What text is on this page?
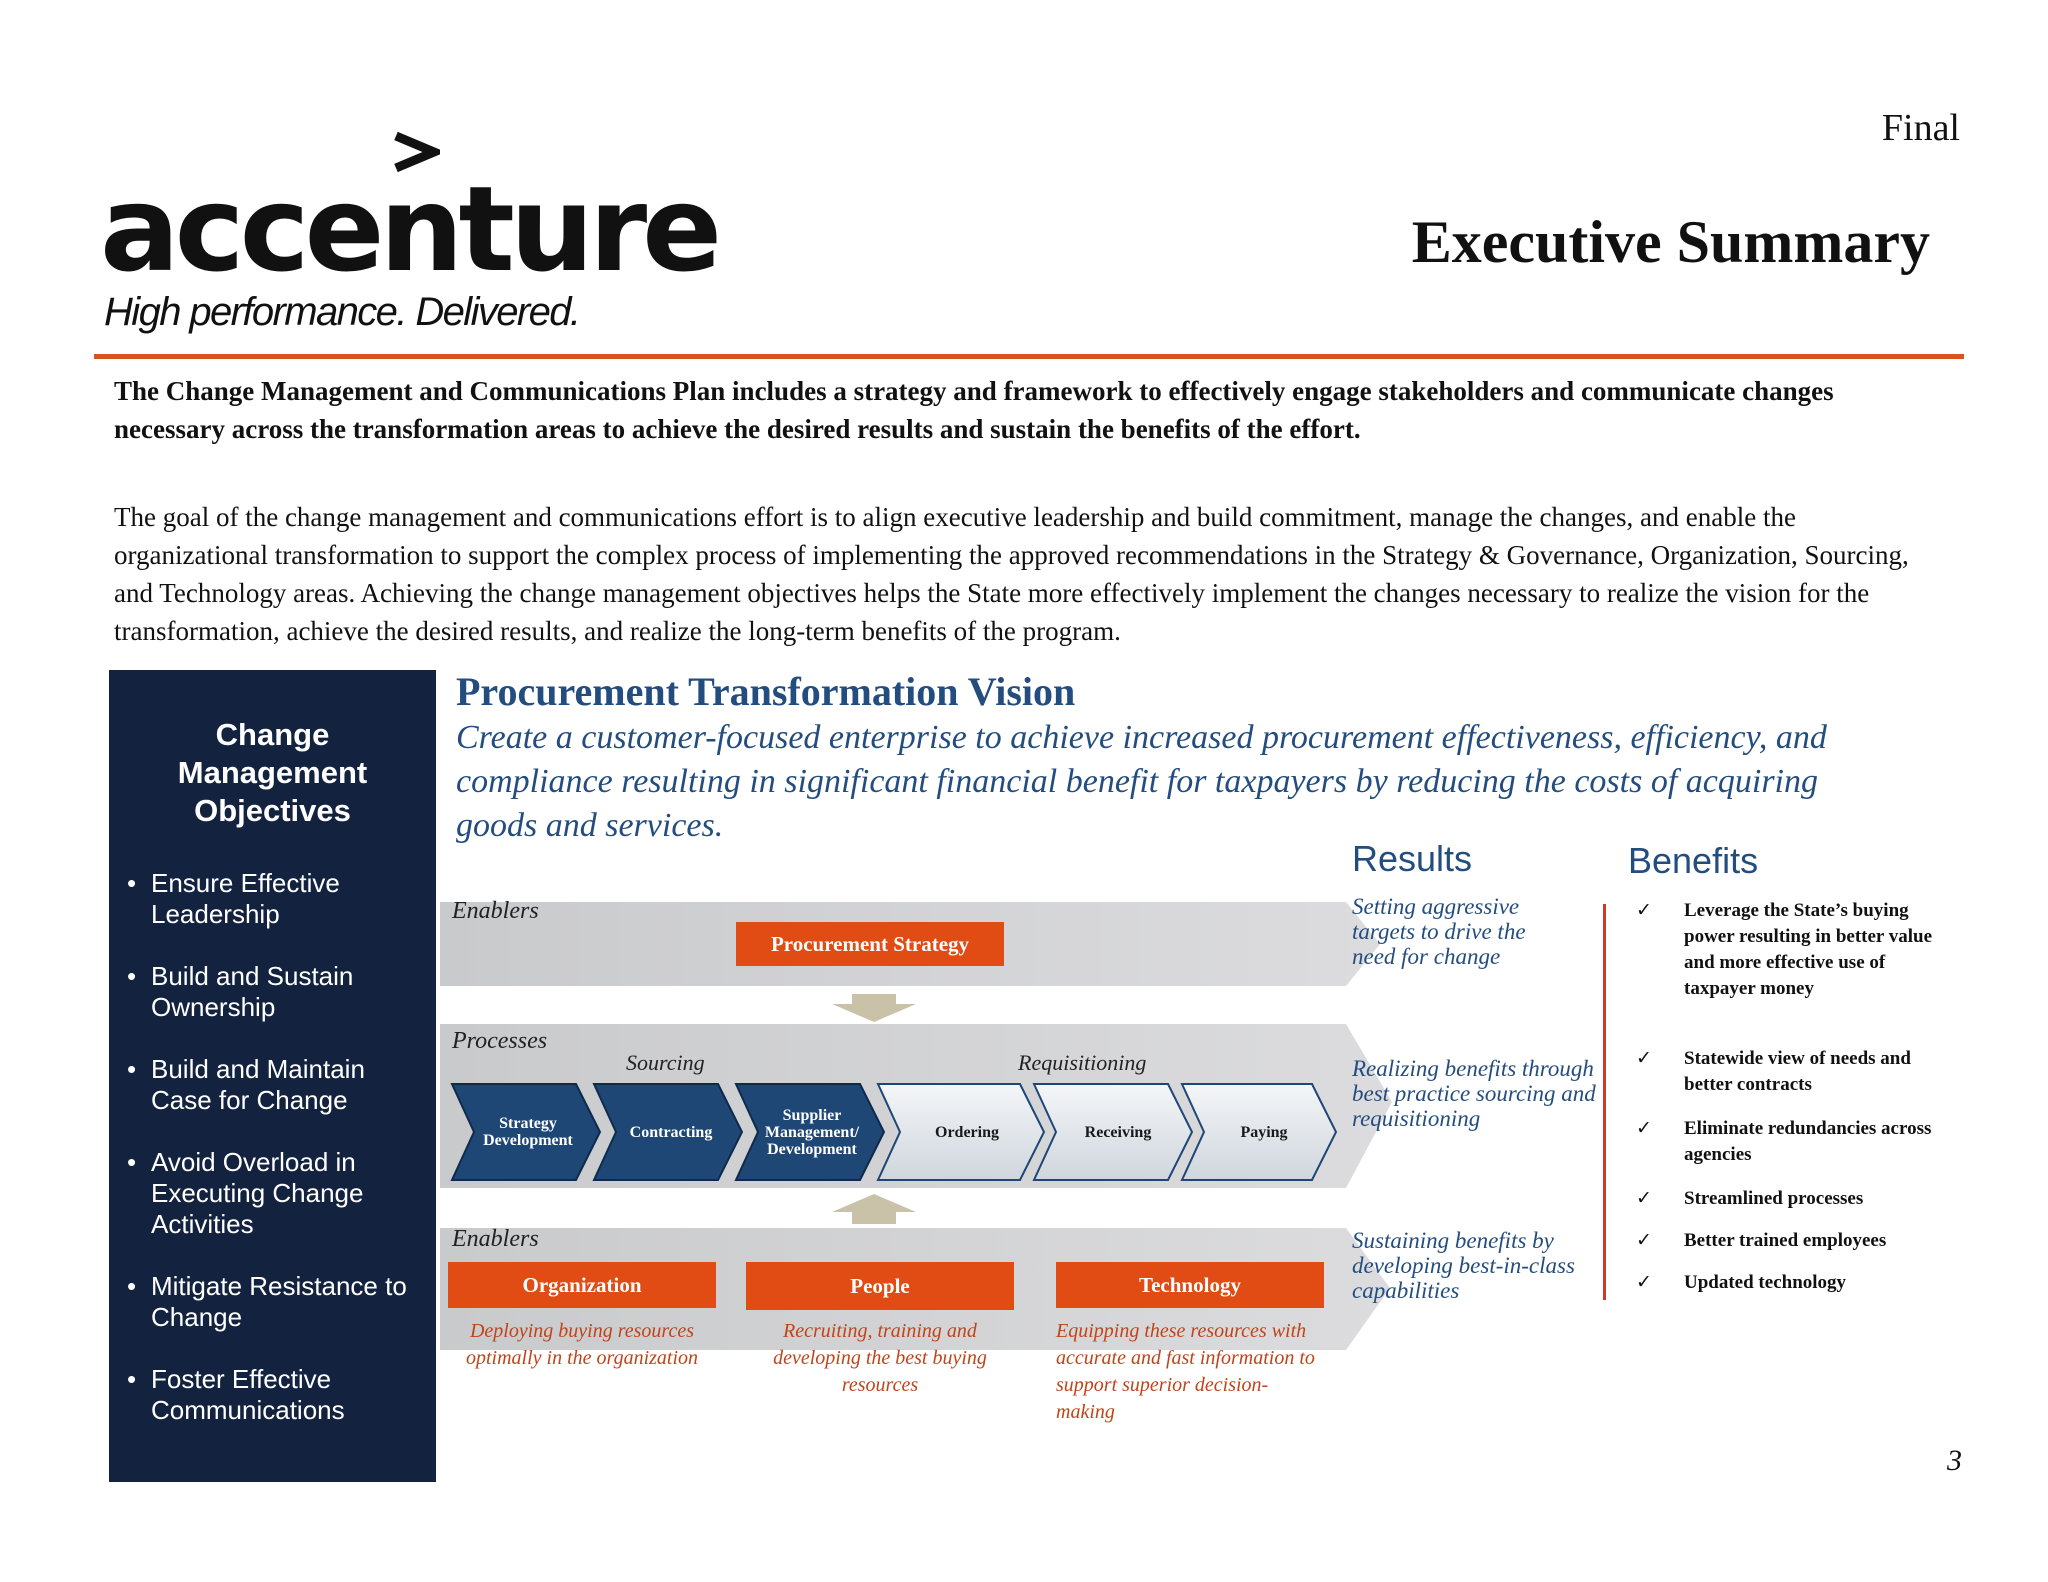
Final
accenture
High performance. Delivered.
Executive Summary
The Change Management and Communications Plan includes a strategy and framework to effectively engage stakeholders and communicate changes necessary across the transformation areas to achieve the desired results and sustain the benefits of the effort.
The goal of the change management and communications effort is to align executive leadership and build commitment, manage the changes, and enable the organizational transformation to support the complex process of implementing the approved recommendations in the Strategy & Governance, Organization, Sourcing, and Technology areas. Achieving the change management objectives helps the State more effectively implement the changes necessary to realize the vision for the transformation, achieve the desired results, and realize the long-term benefits of the program.
Change Management Objectives
• Ensure Effective Leadership
• Build and Sustain Ownership
• Build and Maintain Case for Change
• Avoid Overload in Executing Change Activities
• Mitigate Resistance to Change
• Foster Effective Communications
Procurement Transformation Vision
Create a customer-focused enterprise to achieve increased procurement effectiveness, efficiency, and compliance resulting in significant financial benefit for taxpayers by reducing the costs of acquiring goods and services.
Enablers
Procurement Strategy
Processes
Sourcing	Requisitioning
Strategy Development	Contracting
Supplier Management/ Development
Ordering	Receiving	Paying
Enablers
Organization	People	Technology
Deploying buying resources optimally in the organization
Recruiting, training and developing the best buying resources
Equipping these resources with accurate and fast information to support superior decision-making
Results
Setting aggressive targets to drive the need for change
Realizing benefits through best practice sourcing and requisitioning
Sustaining benefits by developing best-in-class capabilities
Benefits
✓ Leverage the State’s buying power resulting in better value and more effective use of taxpayer money
✓ Statewide view of needs and better contracts
✓ Eliminate redundancies across agencies
✓ Streamlined processes
✓ Better trained employees
✓ Updated technology
3
